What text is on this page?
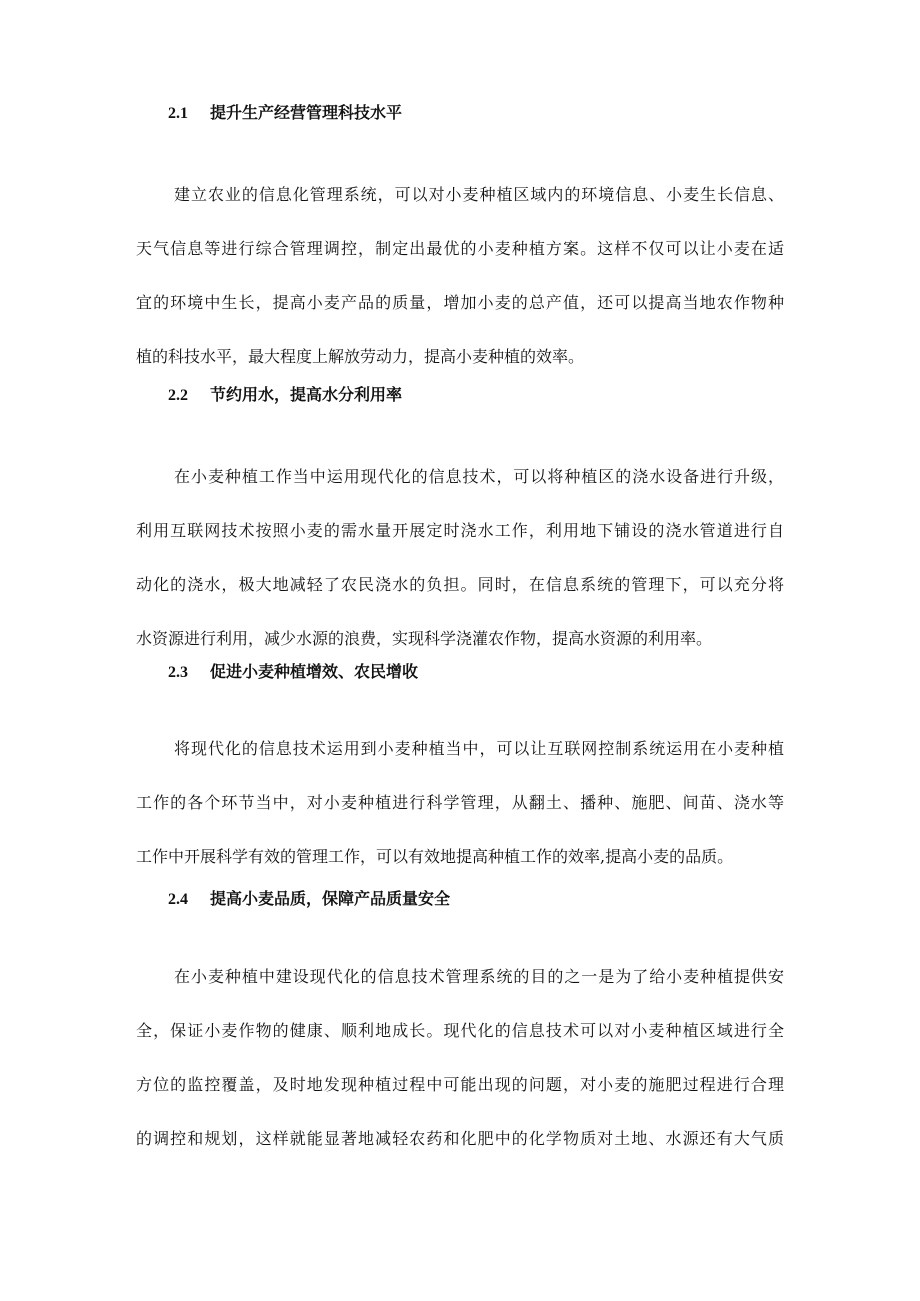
2.1 提升生产经营管理科技水平
建立农业的信息化管理系统，可以对小麦种植区域内的环境信息、小麦生长信息、
天气信息等进行综合管理调控，制定出最优的小麦种植方案。这样不仅可以让小麦在适
宜的环境中生长，提高小麦产品的质量，增加小麦的总产值，还可以提高当地农作物种
植的科技水平，最大程度上解放劳动力，提高小麦种植的效率。
2.2 节约用水，提高水分利用率
在小麦种植工作当中运用现代化的信息技术，可以将种植区的浇水设备进行升级，
利用互联网技术按照小麦的需水量开展定时浇水工作，利用地下铺设的浇水管道进行自
动化的浇水，极大地减轻了农民浇水的负担。同时，在信息系统的管理下，可以充分将
水资源进行利用，减少水源的浪费，实现科学浇灌农作物，提高水资源的利用率。
2.3 促进小麦种植增效、农民增收
将现代化的信息技术运用到小麦种植当中，可以让互联网控制系统运用在小麦种植
工作的各个环节当中，对小麦种植进行科学管理，从翻土、播种、施肥、间苗、浇水等
工作中开展科学有效的管理工作，可以有效地提高种植工作的效率,提高小麦的品质。
2.4 提高小麦品质，保障产品质量安全
在小麦种植中建设现代化的信息技术管理系统的目的之一是为了给小麦种植提供安
全，保证小麦作物的健康、顺利地成长。现代化的信息技术可以对小麦种植区域进行全
方位的监控覆盖，及时地发现种植过程中可能出现的问题，对小麦的施肥过程进行合理
的调控和规划，这样就能显著地减轻农药和化肥中的化学物质对土地、水源还有大气质
